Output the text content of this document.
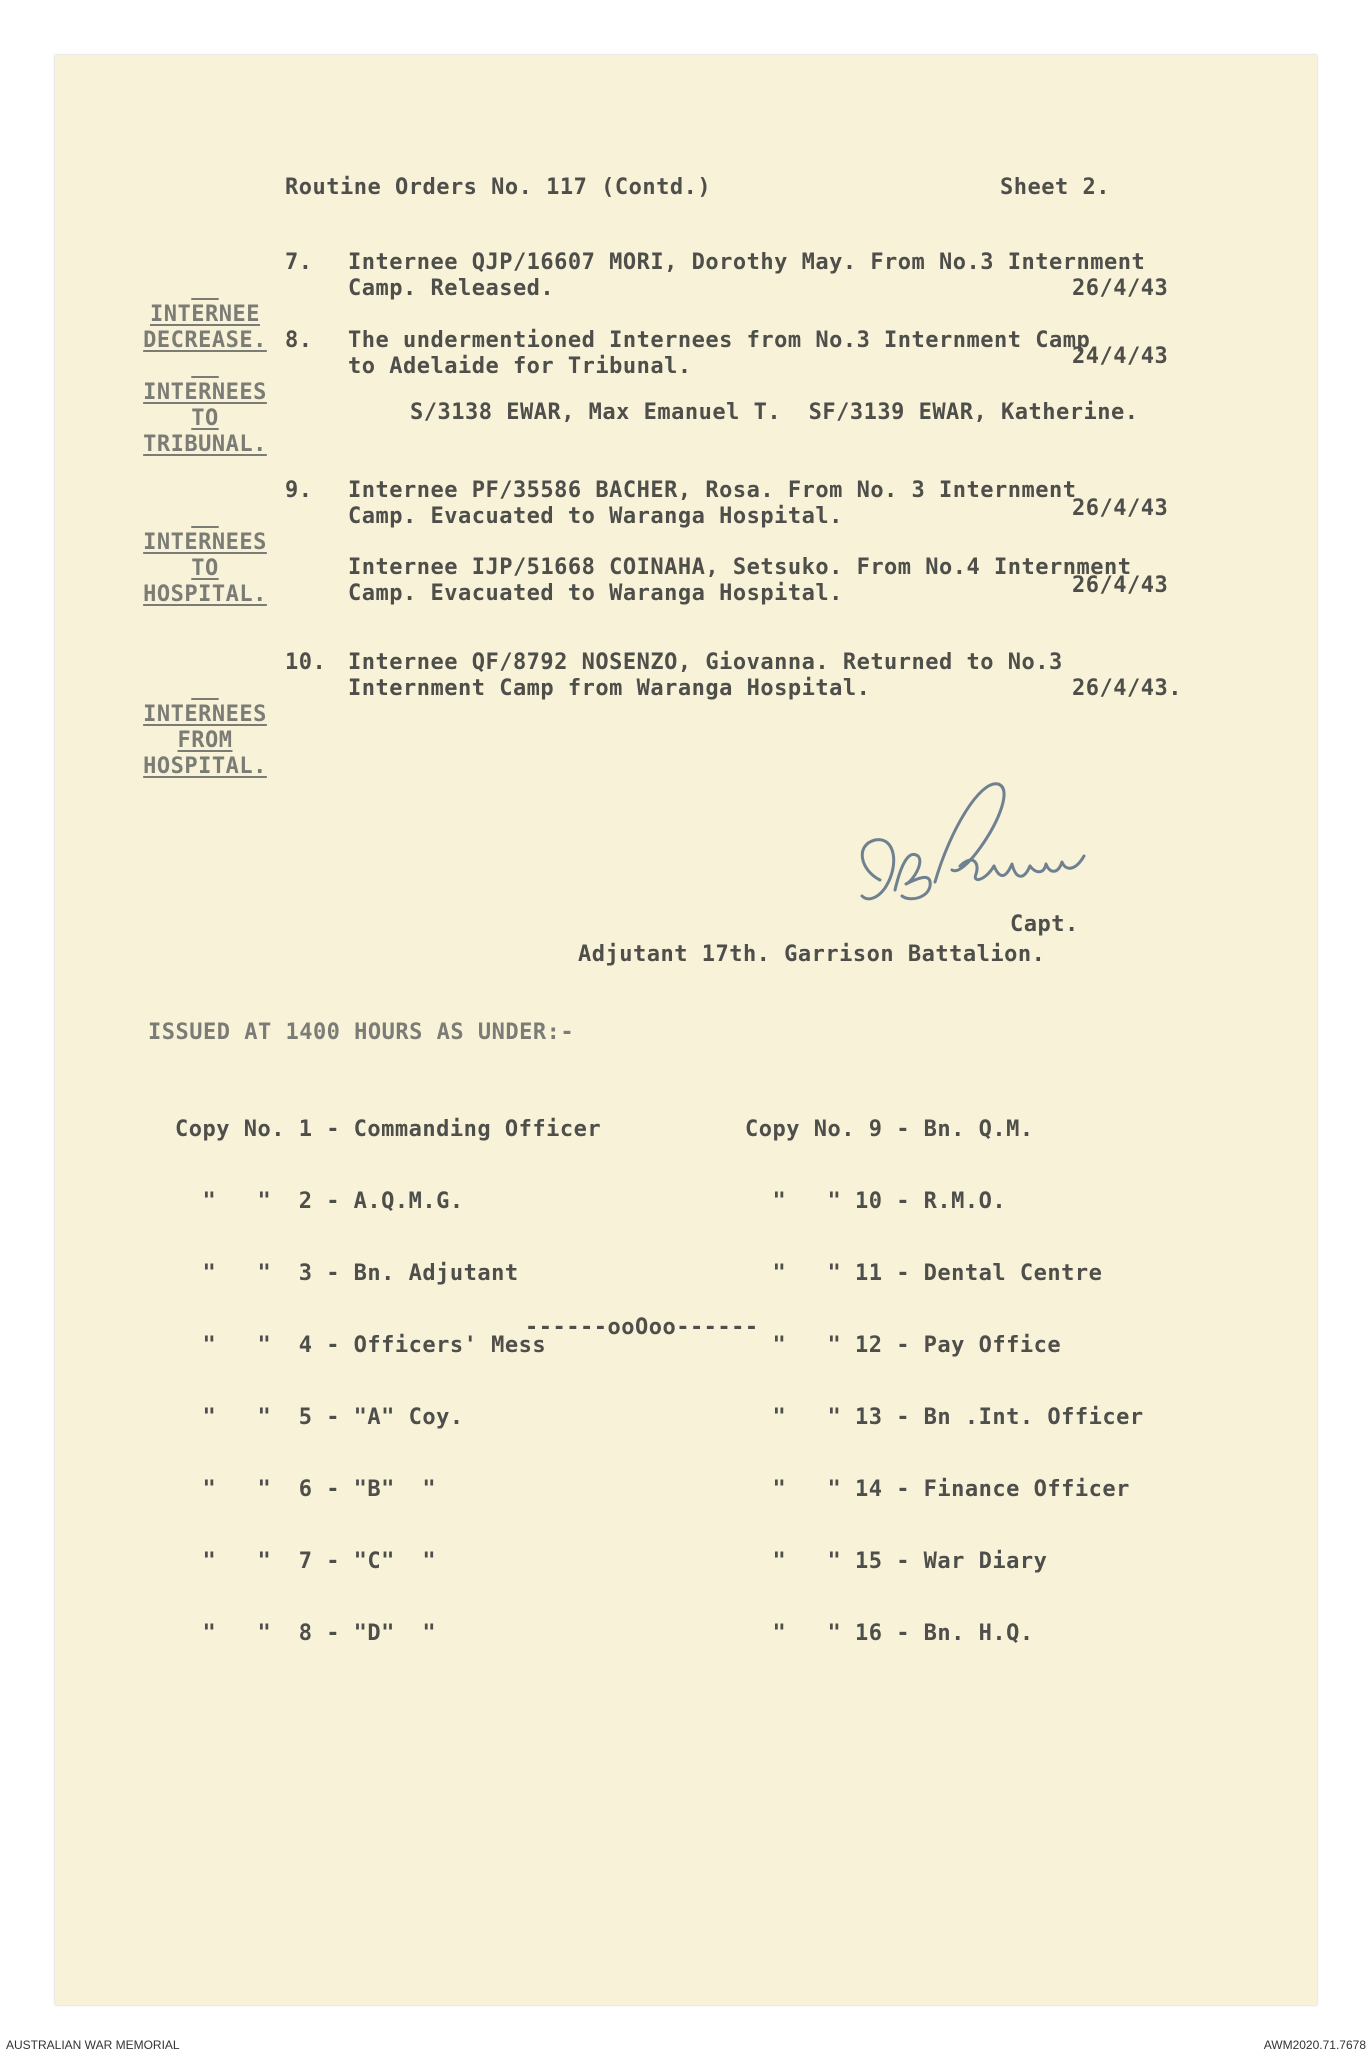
Routine Orders No. 117 (Contd.)	Sheet 2.

INTERNEE
DECREASE.

7. Internee QJP/16607 MORI, Dorothy May. From No.3 Internment
Camp. Released.	26/4/43

INTERNEES
TO
TRIBUNAL.

8. The undermentioned Internees from No.3 Internment Camp
to Adelaide for Tribunal.	24/4/43
S/3138 EWAR, Max Emanuel T.  SF/3139 EWAR, Katherine.

INTERNEES
TO
HOSPITAL.

9. Internee PF/35586 BACHER, Rosa. From No. 3 Internment
Camp. Evacuated to Waranga Hospital.	26/4/43
Internee IJP/51668 COINAHA, Setsuko. From No.4 Internment
Camp. Evacuated to Waranga Hospital.	26/4/43

INTERNEES
FROM
HOSPITAL.

10. Internee QF/8792 NOSENZO, Giovanna. Returned to No.3
Internment Camp from Waranga Hospital.	26/4/43.
Capt.
Adjutant 17th. Garrison Battalion.
ISSUED AT 1400 HOURS AS UNDER:-

Copy No. 1 - Commanding Officer

"   "  2 - A.Q.M.G.

"   "  3 - Bn. Adjutant

"   "  4 - Officers' Mess

"   "  5 - "A" Coy.

"   "  6 - "B"  "

"   "  7 - "C"  "

"   "  8 - "D"  "

Copy No. 9 - Bn. Q.M.

"   " 10 - R.M.O.

"   " 11 - Dental Centre

"   " 12 - Pay Office

"   " 13 - Bn .Int. Officer

"   " 14 - Finance Officer

"   " 15 - War Diary

"   " 16 - Bn. H.Q.

------ooOoo------
AUSTRALIAN WAR MEMORIAL	AWM2020.71.7678
